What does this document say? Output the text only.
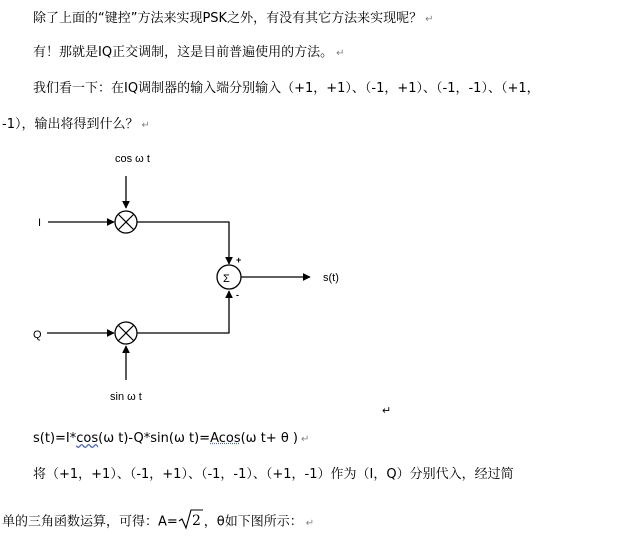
除了上面的“键控”方法来实现PSK之外，有没有其它方法来实现呢？ ↵
有！那就是IQ正交调制，这是目前普遍使用的方法。 ↵
我们看一下：在IQ调制器的输入端分别输入（+1，+1）、（-1，+1）、（-1，-1）、（+1，
-1），输出将得到什么？ ↵
cos ω t
I
Σ
+
-
s(t)
Q
sin ω t
↵
s(t)=I*cos(ω t)-Q*sin(ω t)=Acos(ω t+ θ ) ↵
将（+1，+1）、（-1，+1）、（-1，-1）、（+1，-1）作为（I，Q）分别代入，经过简
单的三角函数运算，可得：A= 2 ，θ如下图所示： ↵
